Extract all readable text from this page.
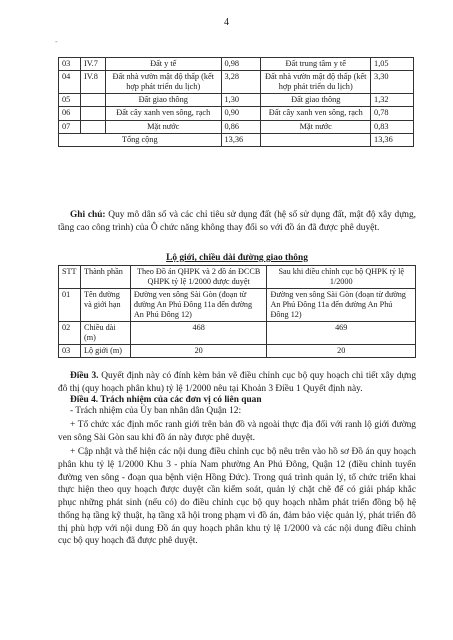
4
-
03	IV.7	Đất y tế	0,98	Đất trung tâm y tế	1,05
04	IV.8	Đất nhà vườn mật độ thấp (kết hợp phát triển du lịch)	3,28	Đất nhà vườn mật độ thấp (kết hợp phát triển du lịch)	3,30
05		Đất giao thông	1,30	Đất giao thông	1,32
06		Đất cây xanh ven sông, rạch	0,90	Đất cây xanh ven sông, rạch	0,78
07		Mặt nước	0,86	Mặt nước	0,83
Tổng cộng			13,36		13,36

Ghi chú: Quy mô dân số và các chỉ tiêu sử dụng đất (hệ số sử dụng đất, mật độ xây dựng, tầng cao công trình) của Ô chức năng không thay đổi so với đồ án đã được phê duyệt.

Lộ giới, chiều dài đường giao thông
STT	Thành phần	Theo Đồ án QHPK và 2 đồ án ĐCCB QHPK tỷ lệ 1/2000 được duyệt	Sau khi điều chỉnh cục bộ QHPK tỷ lệ 1/2000
01	Tên đường và giới hạn	Đường ven sông Sài Gòn (đoạn từ đường An Phú Đông 11a đến đường An Phú Đông 12)	Đường ven sông Sài Gòn (đoạn từ đường An Phú Đông 11a đến đường An Phú Đông 12)
02	Chiều dài (m)	468	469
03	Lộ giới (m)	20	20

Điều 3. Quyết định này có đính kèm bản vẽ điều chỉnh cục bộ quy hoạch chi tiết xây dựng đô thị (quy hoạch phân khu) tỷ lệ 1/2000 nêu tại Khoản 3 Điều 1 Quyết định này.

Điều 4. Trách nhiệm của các đơn vị có liên quan

- Trách nhiệm của Ủy ban nhân dân Quận 12:

+ Tổ chức xác định mốc ranh giới trên bản đồ và ngoài thực địa đối với ranh lộ giới đường ven sông Sài Gòn sau khi đồ án này được phê duyệt.

+ Cập nhật và thể hiện các nội dung điều chỉnh cục bộ nêu trên vào hồ sơ Đồ án quy hoạch phân khu tỷ lệ 1/2000 Khu 3 - phía Nam phường An Phú Đông, Quận 12 (điều chỉnh tuyến đường ven sông - đoạn qua bệnh viện Hồng Đức). Trong quá trình quản lý, tổ chức triển khai thực hiện theo quy hoạch được duyệt cần kiểm soát, quản lý chặt chẽ để có giải pháp khắc phục những phát sinh (nếu có) do điều chỉnh cục bộ quy hoạch nhằm phát triển đồng bộ hệ thống hạ tầng kỹ thuật, hạ tầng xã hội trong phạm vi đồ án, đảm bảo việc quản lý, phát triển đô thị phù hợp với nội dung Đồ án quy hoạch phân khu tỷ lệ 1/2000 và các nội dung điều chỉnh cục bộ quy hoạch đã được phê duyệt.
